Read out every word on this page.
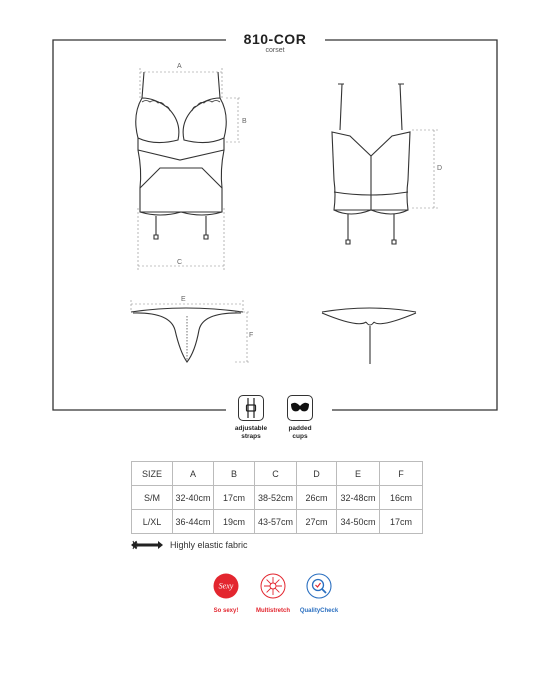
810-COR
corset
A
B
C
D
E
F
adjustable
straps
padded
cups
SIZE	A	B	C	D	E	F
S/M	32-40cm	17cm	38-52cm	26cm	32-48cm	16cm
L/XL	36-44cm	19cm	43-57cm	27cm	34-50cm	17cm
Highly elastic fabric
Sexy
So sexy!	Multistretch	QualityCheck
